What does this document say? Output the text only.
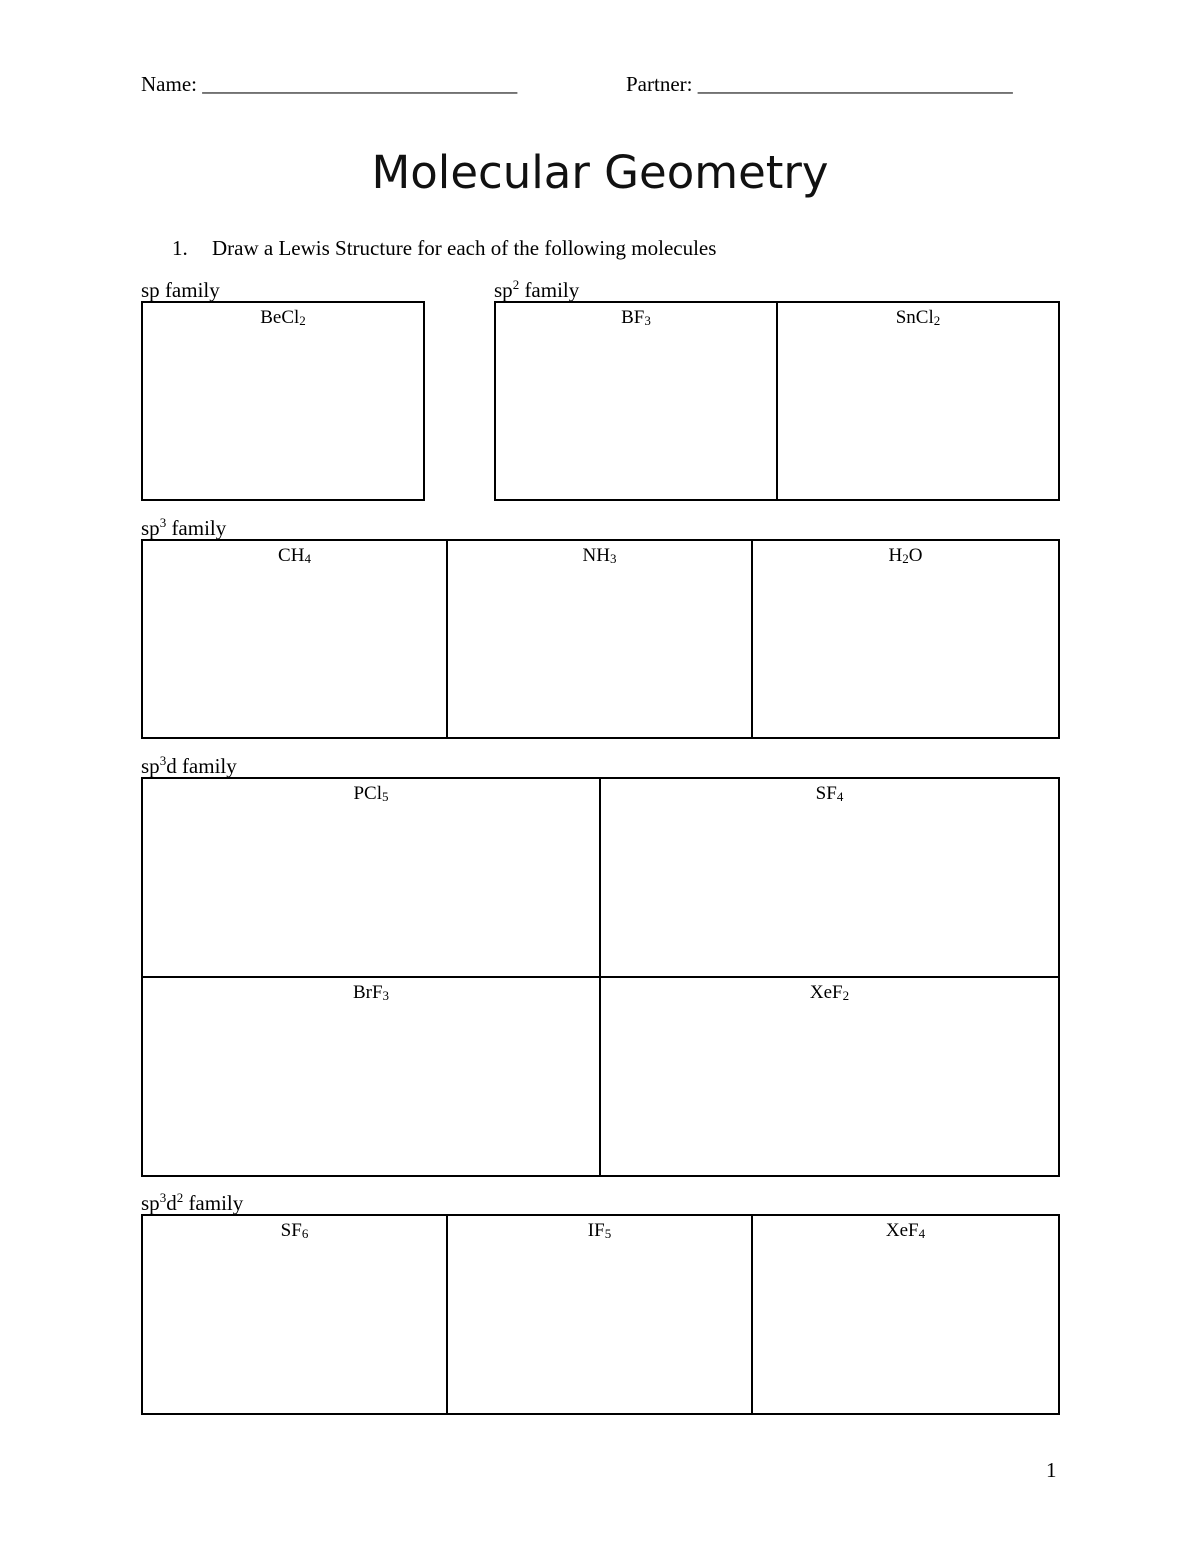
Name: ______________________________	Partner: ______________________________
Molecular Geometry
1. Draw a Lewis Structure for each of the following molecules
sp family
BeCl$_2$
$sp^2$ family
$BF_3$	SnCl$_2$
$sp^3$ family
$CH_4$	$NH_3$	$H_2O$
$sp^3d$ family
PCl$_5$	$SF_4$
BrF$_3$	XeF$_2$
$sp^3d^2$ family
$SF_6$	$IF_5$	XeF$_4$
1
